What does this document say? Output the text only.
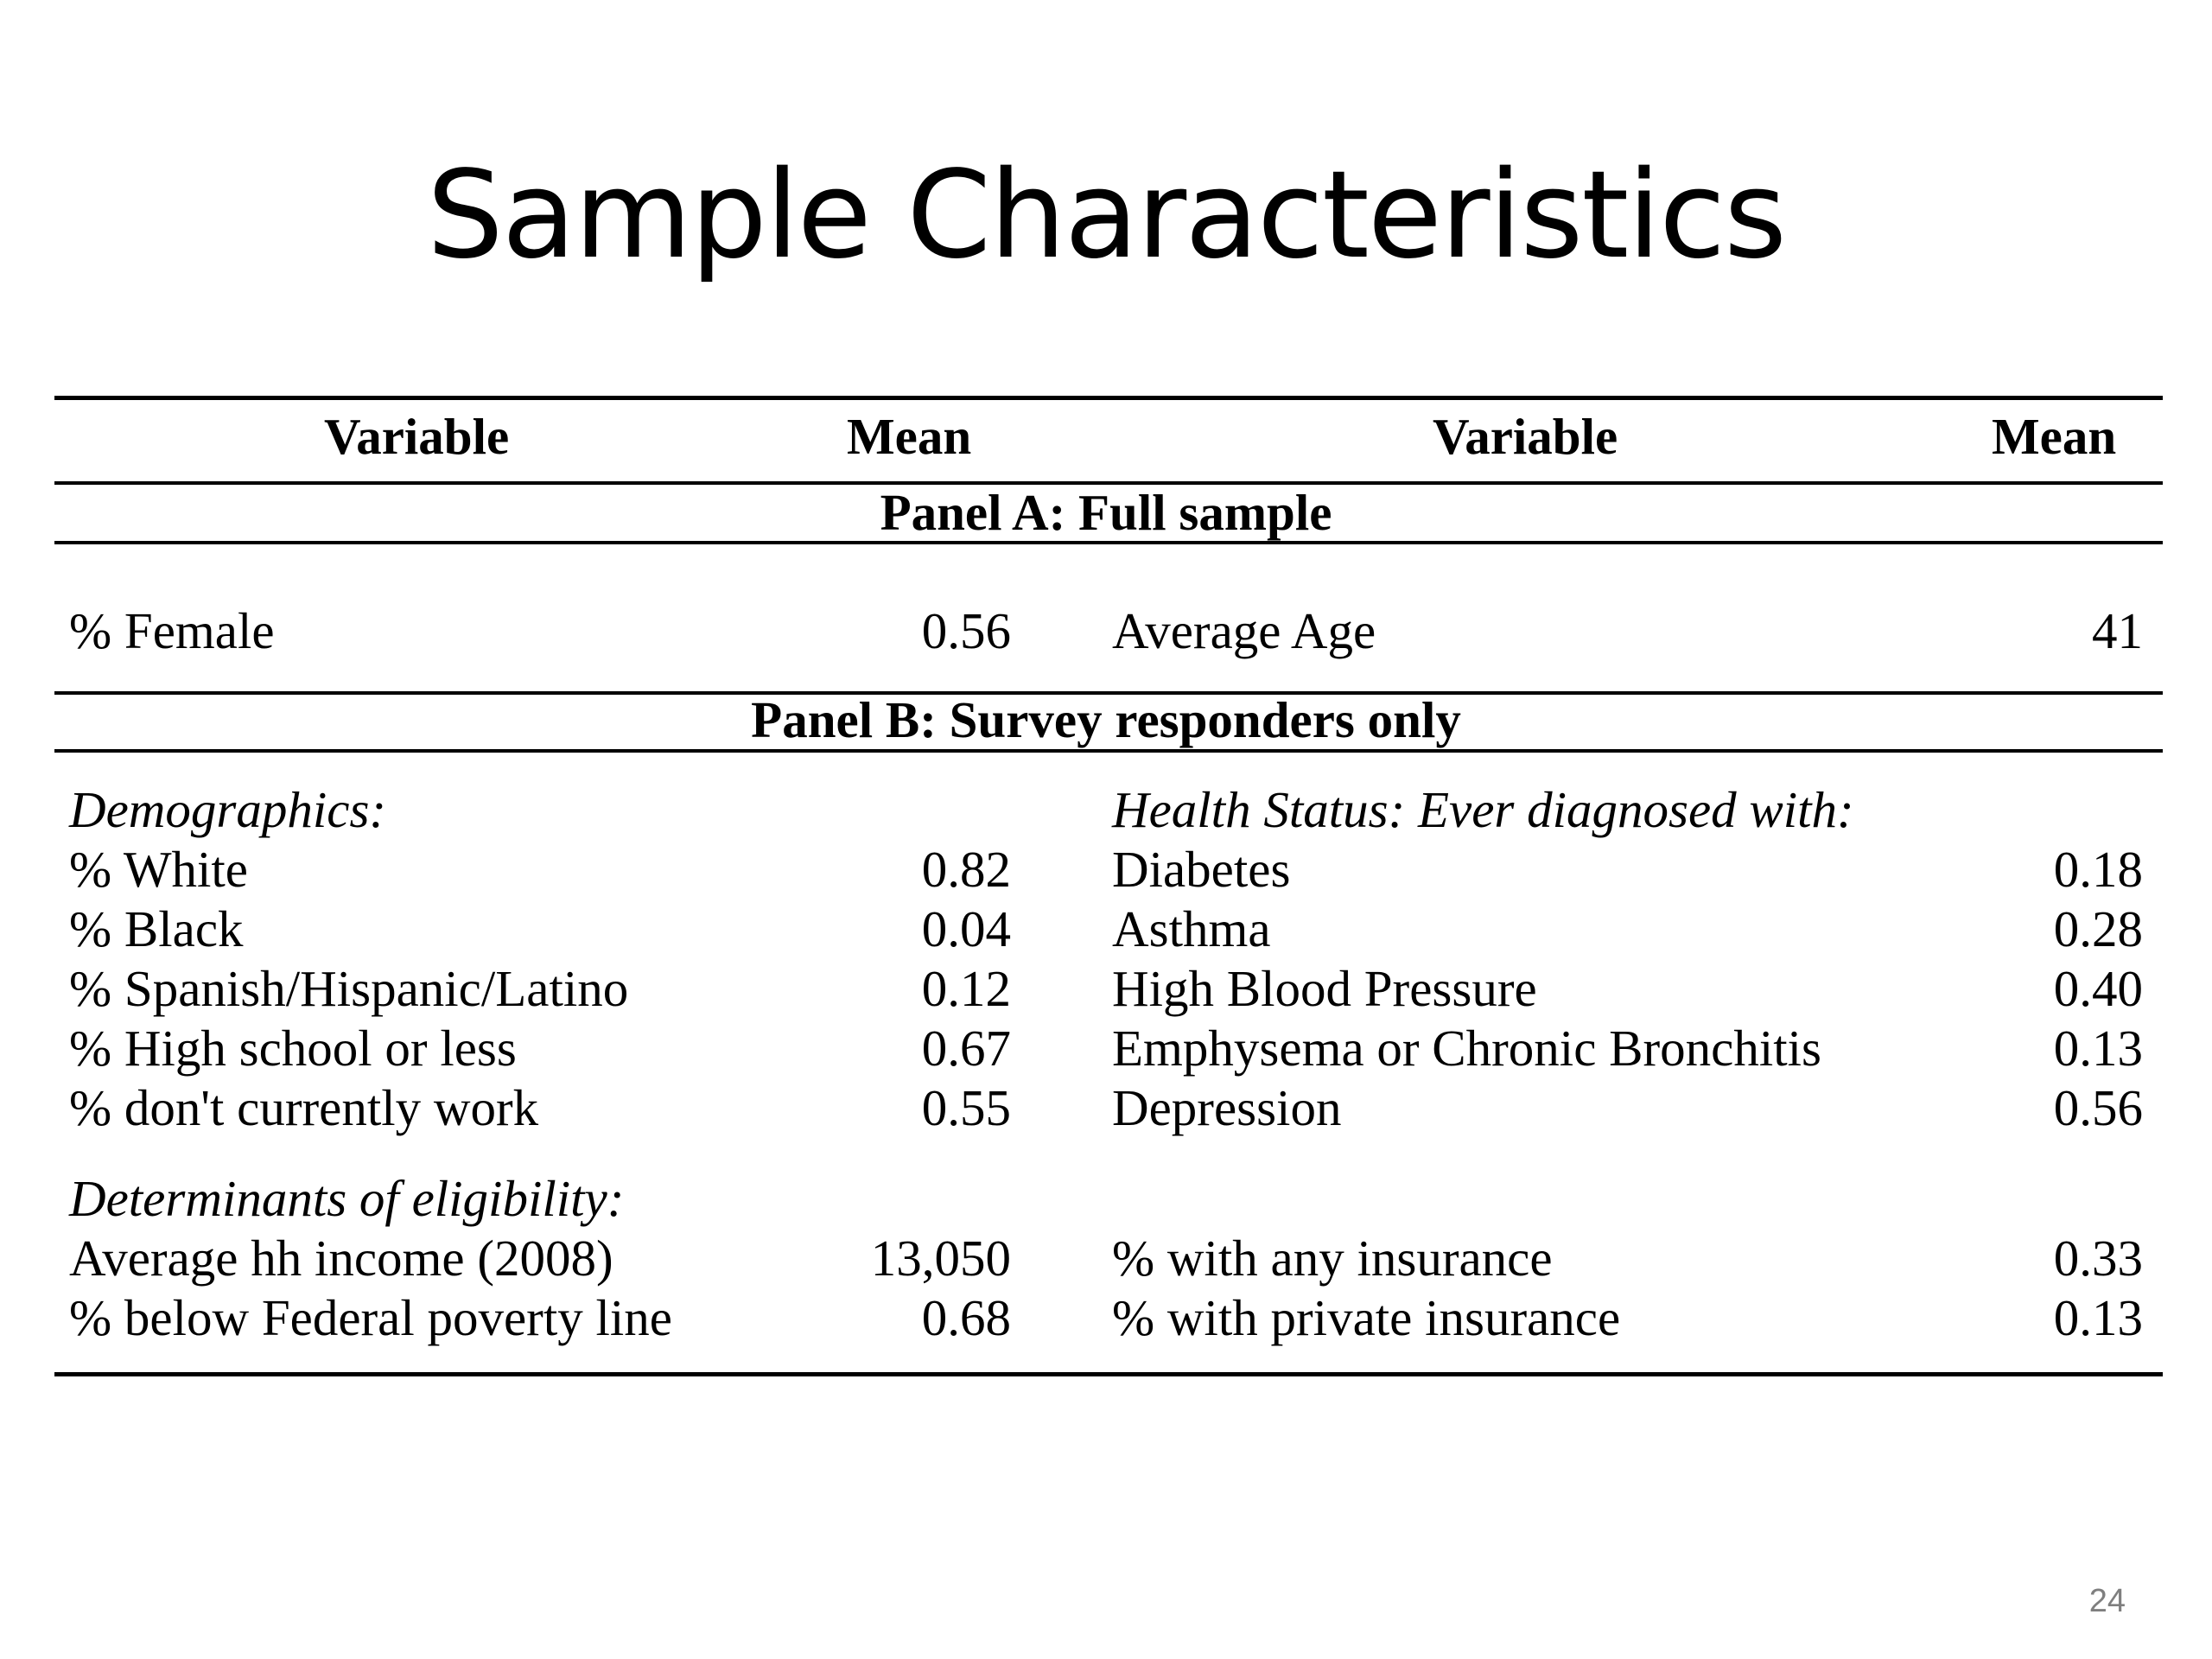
Sample Characteristics
Variable	Mean	Variable	Mean
Panel A: Full sample
% Female	0.56 Average Age	41
Panel B: Survey responders only
Demographics:	Health Status: Ever diagnosed with:
% White	0.82 Diabetes	0.18
% Black	0.04 Asthma	0.28
% Spanish/Hispanic/Latino	0.12 High Blood Pressure	0.40
% High school or less	0.67 Emphysema or Chronic Bronchitis	0.13
% don't currently work	0.55 Depression	0.56
Determinants of eligibility:
Average hh income (2008)	13,050 % with any insurance	0.33
% below Federal poverty line	0.68 % with private insurance	0.13
24
